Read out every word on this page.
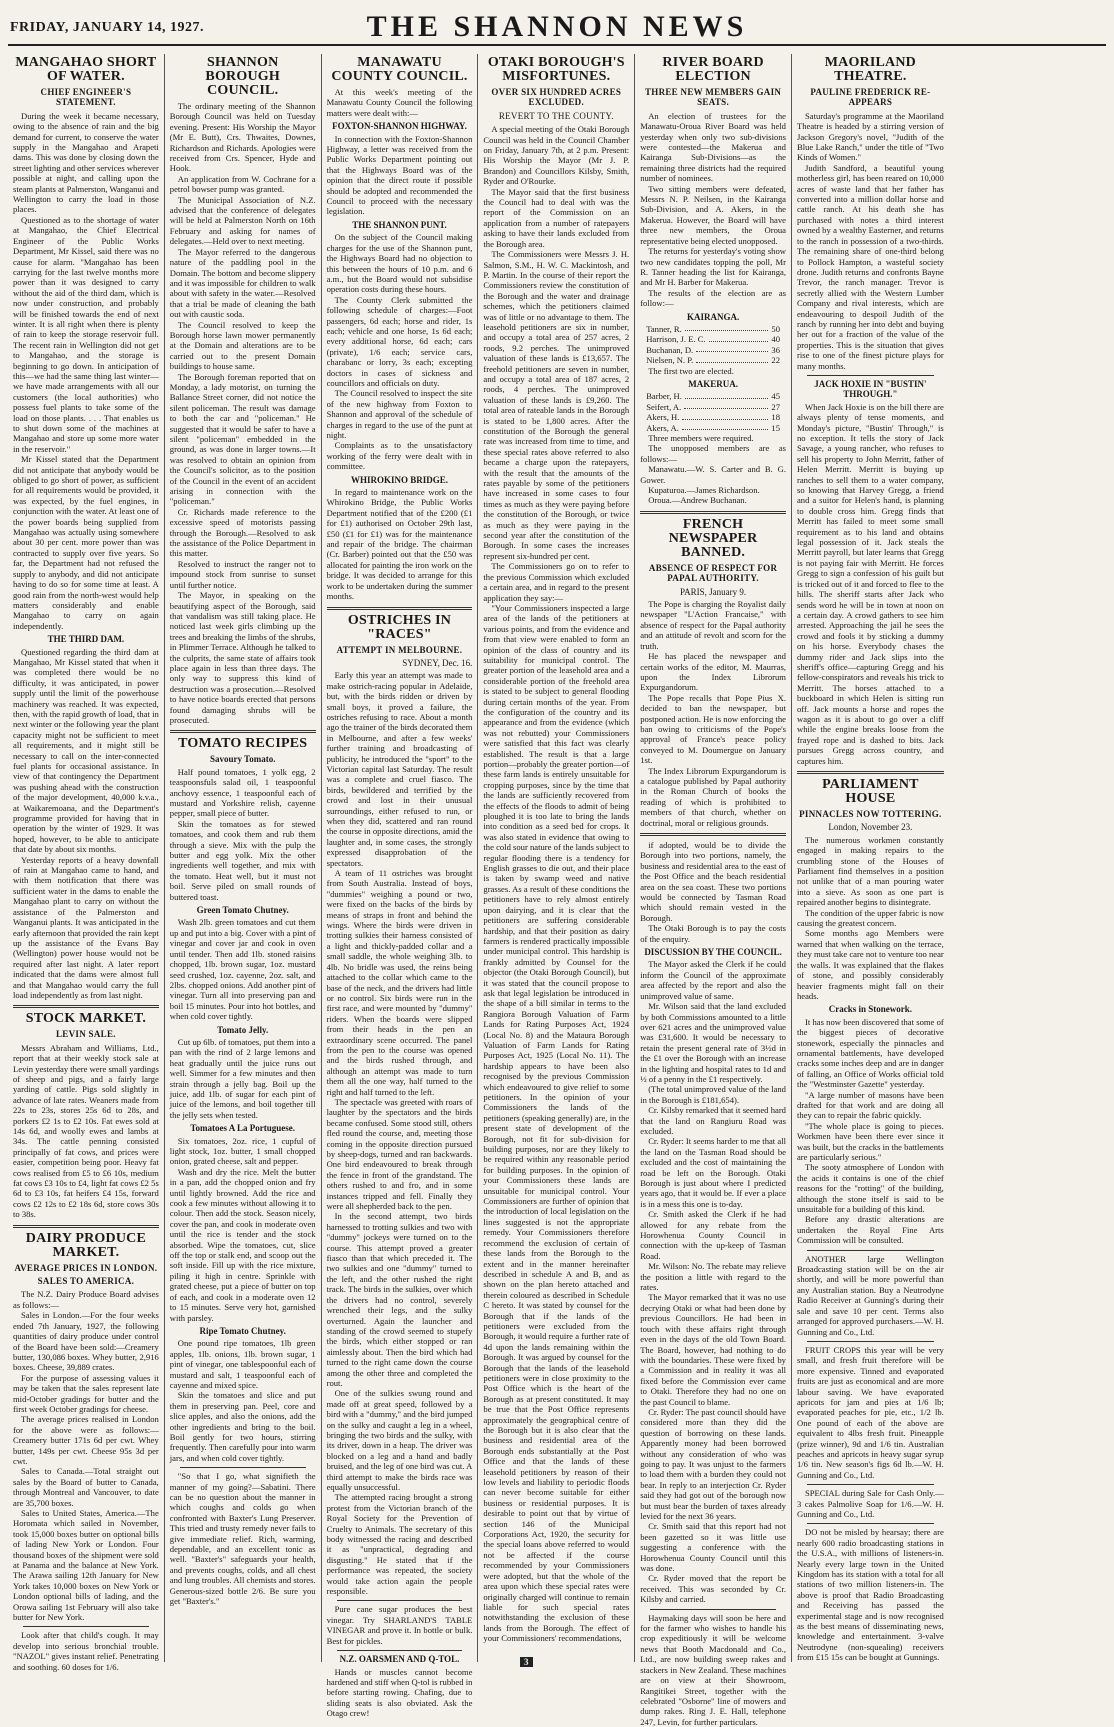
FRIDAY, JANUARY 14, 1927.	THE SHANNON NEWS
MANGAHAO SHORT OF WATER.
CHIEF ENGINEER'S STATEMENT.

During the week it became necessary, owing to the absence of rain and the big demand for current, to conserve the water supply in the Mangahao and Arapeti dams. This was done by closing down the street lighting and other services wherever possible at night, and calling upon the steam plants at Palmerston, Wanganui and Wellington to carry the load in those places.

Questioned as to the shortage of water at Mangahao, the Chief Electrical Engineer of the Public Works Department, Mr Kissel, said there was no cause for alarm. "Mangahao has been carrying for the last twelve months more power than it was designed to carry without the aid of the third dam, which is now under construction, and probably will be finished towards the end of next winter. It is all right when there is plenty of rain to keep the storage reservoir full. The recent rain in Wellington did not get to Mangahao, and the storage is beginning to go down. In anticipation of this—we had the same thing last winter—we have made arrangements with all our customers (the local authorities) who possess fuel plants to take some of the load on those plants. . . . That enables us to shut down some of the machines at Mangahao and store up some more water in the reservoir."

Mr Kissel stated that the Department did not anticipate that anybody would be obliged to go short of power, as sufficient for all requirements would be provided, it was expected, by the fuel engines, in conjunction with the water. At least one of the power boards being supplied from Mangahao was actually using somewhere about 30 per cent. more power than was contracted to supply over five years. So far, the Department had not refused the supply to anybody, and did not anticipate having to do so for some time at least. A good rain from the north-west would help matters considerably and enable Mangahao to carry on again independently.

THE THIRD DAM.

Questioned regarding the third dam at Mangahao, Mr Kissel stated that when it was completed there would be no difficulty, it was anticipated, in power supply until the limit of the powerhouse machinery was reached. It was expected, then, with the rapid growth of load, that in next winter or the following year the plant capacity might not be sufficient to meet all requirements, and it might still be necessary to call on the inter-connected fuel plants for occasional assistance. In view of that contingency the Department was pushing ahead with the construction of the major development, 40,000 k.v.a., at Waikaremoana, and the Department's programme provided for having that in operation by the winter of 1929. It was hoped, however, to be able to anticipate that date by about six months.

Yesterday reports of a heavy downfall of rain at Mangahao came to hand, and with them notification that there was sufficient water in the dams to enable the Mangahao plant to carry on without the assistance of the Palmerston and Wanganui plants. It was anticipated in the early afternoon that provided the rain kept up the assistance of the Evans Bay (Wellington) power house would not be required after last night. A later report indicated that the dams were almost full and that Mangahao would carry the full load independently as from last night.

STOCK MARKET.
LEVIN SALE.

Messrs Abraham and Williams, Ltd., report that at their weekly stock sale at Levin yesterday there were small yardings of sheep and pigs, and a fairly large yarding of cattle. Pigs sold slightly in advance of late rates. Weaners made from 22s to 23s, stores 25s 6d to 28s, and porkers £2 1s to £2 10s. Fat ewes sold at 14s 6d, and woolly ewes and lambs at 34s. The cattle penning consisted principally of fat cows, and prices were easier, competition being poor. Heavy fat cows realised from £5 to £6 10s, medium fat cows £3 10s to £4, light fat cows £2 5s 6d to £3 10s, fat heifers £4 15s, forward cows £2 12s to £2 18s 6d, store cows 30s to 38s.

DAIRY PRODUCE MARKET.
AVERAGE PRICES IN LONDON.
SALES TO AMERICA.

The N.Z. Dairy Produce Board advises as follows:—

Sales in London.—For the four weeks ended 7th January, 1927, the following quantities of dairy produce under control of the Board have been sold:—Creamery butter, 130,086 boxes. Whey butter, 2,916 boxes. Cheese, 39,889 crates.

For the purpose of assessing values it may be taken that the sales represent late mid-October gradings for butter and the first week October gradings for cheese.

The average prices realised in London for the above were as follows:—Creamery butter 171s 6d per cwt. Whey butter, 149s per cwt. Cheese 95s 3d per cwt.

Sales to Canada.—Total straight out sales by the Board of butter to Canada, through Montreal and Vancouver, to date are 35,700 boxes.

Sales to United States, America.—The Horomata which sailed in November, took 15,000 boxes butter on optional bills of lading New York or London. Four thousand boxes of the shipment were sold at Panama and the balance at New York. The Arawa sailing 12th January for New York takes 10,000 boxes on New York or London optional bills of lading, and the Orowa sailing 1st February will also take butter for New York.

Look after that child's cough. It may develop into serious bronchial trouble. "NAZOL" gives instant relief. Penetrating and soothing. 60 doses for 1/6.

SHANNON BOROUGH COUNCIL.

The ordinary meeting of the Shannon Borough Council was held on Tuesday evening. Present: His Worship the Mayor (Mr E. Butt), Crs. Thwaites, Downes, Richardson and Richards. Apologies were received from Crs. Spencer, Hyde and Hook.

An application from W. Cochrane for a petrol bowser pump was granted.

The Municipal Association of N.Z. advised that the conference of delegates will be held at Palmerston North on 16th February and asking for names of delegates.—Held over to next meeting.

The Mayor referred to the dangerous nature of the paddling pool in the Domain. The bottom and become slippery and it was impossible for children to walk about with safety in the water.—Resolved that a trial be made of cleaning the bath out with caustic soda.

The Council resolved to keep the Borough horse lawn mower permanently at the Domain and alterations are to be carried out to the present Domain buildings to house same.

The Borough foreman reported that on Monday, a lady motorist, on turning the Ballance Street corner, did not notice the silent policeman. The result was damage to both the car and "policeman." He suggested that it would be safer to have a silent "policeman" embedded in the ground, as was done in larger towns.—It was resolved to obtain an opinion from the Council's solicitor, as to the position of the Council in the event of an accident arising in connection with the "policeman."

Cr. Richards made reference to the excessive speed of motorists passing through the Borough.—Resolved to ask the assistance of the Police Department in this matter.

Resolved to instruct the ranger not to impound stock from sunrise to sunset until further notice.

The Mayor, in speaking on the beautifying aspect of the Borough, said that vandalism was still taking place. He noticed last week girls climbing up the trees and breaking the limbs of the shrubs, in Plimmer Terrace. Although he talked to the culprits, the same state of affairs took place again in less than three days. The only way to suppress this kind of destruction was a prosecution.—Resolved to have notice boards erected that persons found damaging shrubs will be prosecuted.

TOMATO RECIPES
Savoury Tomato.

Half pound tomatoes, 1 yolk egg, 2 teaspoonsfuls salad oil, 1 teaspoonful anchovy essence, 1 teaspoonful each of mustard and Yorkshire relish, cayenne pepper, small piece of butter.

Skin the tomatoes as for stewed tomatoes, and cook them and rub them through a sieve. Mix with the pulp the butter and egg yolk. Mix the other ingredients well together, and mix with the tomato. Heat well, but it must not boil. Serve piled on small rounds of buttered toast.

Green Tomato Chutney.

Wash 2lb. green tomatoes and cut them up and put into a big. Cover with a pint of vinegar and cover jar and cook in oven until tender. Then add 1lb. stoned raisins chopped, 1lb. brown sugar, 1oz. mustard seed crushed, 1oz. cayenne, 2oz. salt, and 2lbs. chopped onions. Add another pint of vinegar. Turn all into preserving pan and boil 15 minutes. Pour into hot bottles, and when cold cover tightly.

Tomato Jelly.

Cut up 6lb. of tomatoes, put them into a pan with the rind of 2 large lemons and heat gradually until the juice runs out well. Simmer for a few minutes and then strain through a jelly bag. Boil up the juice, add 1lb. of sugar for each pint of juice of the lemons, and boil together till the jelly sets when tested.

Tomatoes A La Portuguese.

Six tomatoes, 2oz. rice, 1 cupful of light stock, 1oz. butter, 1 small chopped onion, grated cheese, salt and pepper.

Wash and dry the rice. Melt the butter in a pan, add the chopped onion and fry until lightly browned. Add the rice and cook a few minutes without allowing it to colour. Then add the stock. Season nicely, cover the pan, and cook in moderate oven until the rice is tender and the stock absorbed. Wipe the tomatoes, cut, slice off the top or stalk end, and scoop out the soft inside. Fill up with the rice mixture, piling it high in centre. Sprinkle with grated cheese, put a piece of butter on top of each, and cook in a moderate oven 12 to 15 minutes. Serve very hot, garnished with parsley.

Ripe Tomato Chutney.

One pound ripe tomatoes, 1lb green apples, 1lb. onions, 1lb. brown sugar, 1 pint of vinegar, one tablespoonful each of mustard and salt, 1 teaspoonful each of cayenne and mixed spice.

Skin the tomatoes and slice and put them in preserving pan. Peel, core and slice apples, and also the onions, add the other ingredients and bring to the boil. Boil gently for two hours, stirring frequently. Then carefully pour into warm jars, and when cold cover tightly.

"So that I go, what signifieth the manner of my going?—Sabatini. There can be no question about the manner in which coughs and colds go when confronted with Baxter's Lung Preserver. This tried and trusty remedy never fails to give immediate relief. Rich, warming, dependable, and an excellent tonic as well. "Baxter's" safeguards your health, and prevents coughs, colds, and all chest and lung troubles. All chemists and stores. Generous-sized bottle 2/6. Be sure you get "Baxter's."

MANAWATU COUNTY COUNCIL.

At this week's meeting of the Manawatu County Council the following matters were dealt with:—

FOXTON-SHANNON HIGHWAY.

In connection with the Foxton-Shannon Highway, a letter was received from the Public Works Department pointing out that the Highways Board was of the opinion that the direct route if possible should be adopted and recommended the Council to proceed with the necessary legislation.

THE SHANNON PUNT.

On the subject of the Council making charges for the use of the Shannon punt, the Highways Board had no objection to this between the hours of 10 p.m. and 6 a.m., but the Board would not subsidise operation costs during these hours.

The County Clerk submitted the following schedule of charges:—Foot passengers, 6d each; horse and rider, 1s each; vehicle and one horse, 1s 6d each; every additional horse, 6d each; cars (private), 1/6 each; service cars, charabanc or lorry, 3s each; excepting doctors in cases of sickness and councillors and officials on duty.

The Council resolved to inspect the site of the new highway from Foxton to Shannon and approval of the schedule of charges in regard to the use of the punt at night.

Complaints as to the unsatisfactory working of the ferry were dealt with in committee.

WHIROKINO BRIDGE.

In regard to maintenance work on the Whirokino Bridge, the Public Works Department notified that of the £200 (£1 for £1) authorised on October 29th last, £50 (£1 for £1) was for the maintenance and repair of the bridge. The chairman (Cr. Barber) pointed out that the £50 was allocated for painting the iron work on the bridge. It was decided to arrange for this work to be undertaken during the summer months.

OSTRICHES IN "RACES"
ATTEMPT IN MELBOURNE.

SYDNEY, Dec. 16.

Early this year an attempt was made to make ostrich-racing popular in Adelaide, but, with the birds ridden or driven by small boys, it proved a failure, the ostriches refusing to race. About a month ago the trainer of the birds decorated them in Melbourne, and after a few weeks' further training and broadcasting of publicity, he introduced the "sport" to the Victorian capital last Saturday. The result was a complete and cruel fiasco. The birds, bewildered and terrified by the crowd and lost in their unusual surroundings, either refused to run, or when they did, scattered and ran round the course in opposite directions, amid the laughter and, in some cases, the strongly expressed disapprobation of the spectators.

A team of 11 ostriches was brought from South Australia. Instead of boys, "dummies" weighing a pound or two, were fixed on the backs of the birds by means of straps in front and behind the wings. Where the birds were driven in trotting sulkies their harness consisted of a light and thickly-padded collar and a small saddle, the whole weighing 3lb. to 4lb. No bridle was used, the reins being attached to the collar which came to the base of the neck, and the drivers had little or no control. Six birds were run in the first race, and were mounted by "dummy" riders. When the boards were slipped from their heads in the pen an extraordinary scene occurred. The panel from the pen to the course was opened and the birds rushed through, and although an attempt was made to turn them all the one way, half turned to the right and half turned to the left.

The spectacle was greeted with roars of laughter by the spectators and the birds became confused. Some stood still, others fled round the course, and, meeting those coming in the opposite direction pursued by sheep-dogs, turned and ran backwards. One bird endeavoured to break through the fence in front of the grandstand. The others rushed to and fro, and in some instances tripped and fell. Finally they were all shepherded back to the pen.

In the second attempt, two birds harnessed to trotting sulkies and two with "dummy" jockeys were turned on to the course. This attempt proved a greater fiasco than that which preceded it. The two sulkies and one "dummy" turned to the left, and the other rushed the right track. The birds in the sulkies, over which the drivers had no control, severely wrenched their legs, and the sulky overturned. Again the launcher and standing of the crowd seemed to stupefy the birds, which either stopped or ran aimlessly about. Then the bird which had turned to the right came down the course among the other three and completed the rout.

One of the sulkies swung round and made off at great speed, followed by a bird with a "dummy," and the bird jumped on the sulky and caught a leg in a wheel, bringing the two birds and the sulky, with its driver, down in a heap. The driver was blocked on a leg and a hand and badly bruised, and the leg of one bird was cut. A third attempt to make the birds race was equally unsuccessful.

The attempted racing brought a strong protest from the Victorian branch of the Royal Society for the Prevention of Cruelty to Animals. The secretary of this body witnessed the racing and described it as "unpractical, degrading and disgusting." He stated that if the performance was repeated, the society would take action again the people responsible.

Pure cane sugar produces the best vinegar. Try SHARLAND'S TABLE VINEGAR and prove it. In bottle or bulk. Best for pickles.

N.Z. OARSMEN AND Q-TOL.

Hands or muscles cannot become hardened and stiff when Q-tol is rubbed in before starting rowing. Chafing, due to sliding seats is also obviated. Ask the Otago crew!

OTAKI BOROUGH'S MISFORTUNES.
OVER SIX HUNDRED ACRES EXCLUDED.
REVERT TO THE COUNTY.

A special meeting of the Otaki Borough Council was held in the Council Chamber on Friday, January 7th, at 2 p.m. Present: His Worship the Mayor (Mr J. P. Brandon) and Councillors Kilsby, Smith, Ryder and O'Rourke.

The Mayor said that the first business the Council had to deal with was the report of the Commission on an application from a number of ratepayers asking to have their lands excluded from the Borough area.

The Commissioners were Messrs J. H. Salmon, S.M., H. W. C. Mackintosh, and P. Martin. In the course of their report the Commissioners review the constitution of the Borough and the water and drainage schemes, which the petitioners claimed was of little or no advantage to them. The leasehold petitioners are six in number, and occupy a total area of 257 acres, 2 roods, 9.2 perches. The unimproved valuation of these lands is £13,657. The freehold petitioners are seven in number, and occupy a total area of 187 acres, 2 roods, 4 perches. The unimproved valuation of these lands is £9,260. The total area of rateable lands in the Borough is stated to be 1,800 acres. After the constitution of the Borough the general rate was increased from time to time, and these special rates above referred to also became a charge upon the ratepayers, with the result that the amounts of the rates payable by some of the petitioners have increased in some cases to four times as much as they were paying before the constitution of the Borough, or twice as much as they were paying in the second year after the constitution of the Borough. In some cases the increases represent six-hundred per cent.

The Commissioners go on to refer to the previous Commission which excluded a certain area, and in regard to the present application they say:—

"Your Commissioners inspected a large area of the lands of the petitioners at various points, and from the evidence and from that view were enabled to form an opinion of the class of country and its suitability for municipal control. The greater portion of the leasehold area and a considerable portion of the freehold area is stated to be subject to general flooding during certain months of the year. From the configuration of the country and its appearance and from the evidence (which was not rebutted) your Commissioners were satisfied that this fact was clearly established. The result is that a large portion—probably the greater portion—of these farm lands is entirely unsuitable for cropping purposes, since by the time that the lands are sufficiently recovered from the effects of the floods to admit of being ploughed it is too late to bring the lands into condition as a seed bed for crops. It was also stated in evidence that owing to the cold sour nature of the lands subject to regular flooding there is a tendency for English grasses to die out, and their place is taken by swamp weed and native grasses. As a result of these conditions the petitioners have to rely almost entirely upon dairying, and it is clear that the petitioners are suffering considerable hardship, and that their position as dairy farmers is rendered practically impossible under municipal control. This hardship is frankly admitted by Counsel for the objector (the Otaki Borough Council), but it was stated that the council propose to ask that legal legislation be introduced in the shape of a bill similar in terms to the Rangiora Borough Valuation of Farm Lands for Rating Purposes Act, 1924 (Local No. 8) and the Mataura Borough Valuation of Farm Lands for Rating Purposes Act, 1925 (Local No. 11). The hardship appears to have been also recognised by the previous Commission which endeavoured to give relief to some petitioners. In the opinion of your Commissioners the lands of the petitioners (speaking generally) are, in the present state of development of the Borough, not fit for sub-division for building purposes, nor are they likely to be required within any reasonable period for building purposes. In the opinion of your Commissioners these lands are unsuitable for municipal control. Your Commissioners are further of opinion that the introduction of local legislation on the lines suggested is not the appropriate remedy. Your Commissioners therefore recommend the exclusion of certain of these lands from the Borough to the extent and in the manner hereinafter described in schedule A and B, and as shown on the plan hereto attached and therein coloured as described in Schedule C hereto. It was stated by counsel for the Borough that if the lands of the petitioners were excluded from the Borough, it would require a further rate of 4d upon the lands remaining within the Borough. It was argued by counsel for the Borough that the lands of the leasehold petitioners were in close proximity to the Post Office which is the heart of the Borough as at present constituted. It may be true that the Post Office represents approximately the geographical centre of the Borough but it is also clear that the business and residential area of the Borough ends substantially at the Post Office and that the lands of these leasehold petitioners by reason of their low levels and liability to periodic floods can never become suitable for either business or residential purposes. It is desirable to point out that by virtue of section 146 of the Municipal Corporations Act, 1920, the security for the special loans above referred to would not be affected if the course recommended by your Commissioners were adopted, but that the whole of the area upon which these special rates were originally charged will continue to remain liable for such special rates notwithstanding the exclusion of these lands from the Borough. The effect of your Commissioners' recommendations,

RIVER BOARD ELECTION
THREE NEW MEMBERS GAIN SEATS.

An election of trustees for the Manawatu-Oroua River Board was held yesterday when only two sub-divisions were contested—the Makerua and Kairanga Sub-Divisions—as the remaining three districts had the required number of nominees.

Two sitting members were defeated, Messrs N. P. Neilsen, in the Kairanga Sub-Division, and A. Akers, in the Makerua. However, the Board will have three new members, the Oroua representative being elected unopposed.

The returns for yesterday's voting show two new candidates topping the poll, Mr R. Tanner heading the list for Kairanga, and Mr H. Barber for Makerua.

The results of the election are as follow:—

KAIRANGA.
Tanner, R.	50
Harrison, J. E. C.	40
Buchanan, D.	36
Nielsen, N. P.	22

The first two are elected.

MAKERUA.
Barber, H.	45
Seifert, A.	27
Akers, H.	18
Akers, A.	15

Three members were required.

The unopposed members are as follows:—

Manawatu.—W. S. Carter and B. G. Gower.

Kupaturoa.—James Richardson.

Oroua.—Andrew Buchanan.

FRENCH NEWSPAPER BANNED.
ABSENCE OF RESPECT FOR PAPAL AUTHORITY.

PARIS, January 9.

The Pope is charging the Royalist daily newspaper "L'Action Francaise," with absence of respect for the Papal authority and an attitude of revolt and scorn for the truth.

He has placed the newspaper and certain works of the editor, M. Maurras, upon the Index Librorum Expurgandorum.

The Pope recalls that Pope Pius X. decided to ban the newspaper, but postponed action. He is now enforcing the ban owing to criticisms of the Pope's approval of France's peace policy conveyed to M. Doumergue on January 1st.

The Index Librorum Expurgandorum is a catalogue published by Papal authority in the Roman Church of books the reading of which is prohibited to members of that church, whether on doctrinal, moral or religious grounds.

if adopted, would be to divide the Borough into two portions, namely, the business and residential area to the east of the Post Office and the beach residential area on the sea coast. These two portions would be connected by Tasman Road which should remain vested in the Borough.

The Otaki Borough is to pay the costs of the enquiry.

DISCUSSION BY THE COUNCIL.

The Mayor asked the Clerk if he could inform the Council of the approximate area affected by the report and also the unimproved value of same.

Mr. Wilson said that the land excluded by both Commissions amounted to a little over 621 acres and the unimproved value was £31,600. It would be necessary to retain the present general rate of 3½d in the £1 over the Borough with an increase in the lighting and hospital rates to 1d and ½ of a penny in the £1 respectively.

(The total unimproved value of the land in the Borough is £181,654).

Cr. Kilsby remarked that it seemed hard that the land on Rangiuru Road was excluded.

Cr. Ryder: It seems harder to me that all the land on the Tasman Road should be excluded and the cost of maintaining the road be left on the Borough. Otaki Borough is just about where I predicted years ago, that it would be. If ever a place is in a mess this one is to-day.

Cr. Smith asked the Clerk if he had allowed for any rebate from the Horowhenua County Council in connection with the up-keep of Tasman Road.

Mr. Wilson: No. The rebate may relieve the position a little with regard to the rates.

The Mayor remarked that it was no use decrying Otaki or what had been done by previous Councillors. He had been in touch with these affairs right through even in the days of the old Town Board. The Board, however, had nothing to do with the boundaries. These were fixed by a Commission and in reality it was all fixed before the Commission ever came to Otaki. Therefore they had no one on the past Council to blame.

Cr. Ryder: The past council should have considered more than they did the question of borrowing on these lands. Apparently money had been borrowed without any consideration of who was going to pay. It was unjust to the farmers to load them with a burden they could not bear. In reply to an interjection Cr. Ryder said they had got out of the borough now but must bear the burden of taxes already levied for the next 36 years.

Cr. Smith said that this report had not been gazetted so it was little use suggesting a conference with the Horowhenua County Council until this was done.

Cr. Ryder moved that the report be received. This was seconded by Cr. Kilsby and carried.

Haymaking days will soon be here and for the farmer who wishes to handle his crop expeditiously it will be welcome news that Booth Macdonald and Co., Ltd., are now building sweep rakes and stackers in New Zealand. These machines are on view at their Showroom, Rangitikei Street, together with the celebrated "Osborne" line of mowers and dump rakes. Ring J. E. Hall, telephone 247, Levin, for further particulars.

MAORILAND THEATRE.
PAULINE FREDERICK RE-APPEARS

Saturday's programme at the Maoriland Theatre is headed by a stirring version of Jackson Gregory's novel, "Judith of the Blue Lake Ranch," under the title of "Two Kinds of Women."

Judith Sandford, a beautiful young motherless girl, has been reared on 10,000 acres of waste land that her father has converted into a million dollar horse and cattle ranch. At his death she has purchased with notes a third interest owned by a wealthy Easterner, and returns to the ranch in possession of a two-thirds. The remaining share of one-third belong to Pollock Hampton, a wasteful society drone. Judith returns and confronts Bayne Trevor, the ranch manager. Trevor is secretly allied with the Western Lumber Company and rival interests, which are endeavouring to despoil Judith of the ranch by running her into debt and buying her out for a fraction of the value of the properties. This is the situation that gives rise to one of the finest picture plays for many months.

JACK HOXIE IN "BUSTIN' THROUGH."

When Jack Hoxie is on the bill there are always plenty of tense moments, and Monday's picture, "Bustin' Through," is no exception. It tells the story of Jack Savage, a young rancher, who refuses to sell his property to John Merritt, father of Helen Merritt. Merritt is buying up ranches to sell them to a water company, so knowing that Harvey Gregg, a friend and a suitor for Helen's hand, is planning to double cross him. Gregg finds that Merritt has failed to meet some small requirement as to his land and obtains legal possession of it. Jack steals the Merritt payroll, but later learns that Gregg is not paying fair with Merritt. He forces Gregg to sign a confession of his guilt but is tricked out of it and forced to flee to the hills. The sheriff starts after Jack who sends word he will be in town at noon on a certain day. A crowd gathers to see him arrested. Approaching the jail he sees the crowd and fools it by sticking a dummy on his horse. Everybody chases the dummy rider and Jack slips into the sheriff's office—capturing Gregg and his fellow-conspirators and reveals his trick to Merritt. The horses attached to a buckboard in which Helen is sitting run off. Jack mounts a horse and ropes the wagon as it is about to go over a cliff while the engine breaks loose from the frayed rope and is dashed to bits. Jack pursues Gregg across country, and captures him.

PARLIAMENT HOUSE
PINNACLES NOW TOTTERING.

London, November 23.

The numerous workmen constantly engaged in making repairs to the crumbling stone of the Houses of Parliament find themselves in a position not unlike that of a man pouring water into a sieve. As soon as one part is repaired another begins to disintegrate.

The condition of the upper fabric is now causing the greatest concern.

Some months ago Members were warned that when walking on the terrace, they must take care not to venture too near the walls. It was explained that the flakes of stone, and possibly considerably heavier fragments might fall on their heads.

Cracks in Stonework.

It has now been discovered that some of the biggest pieces of decorative stonework, especially the pinnacles and ornamental battlements, have developed cracks some inches deep and are in danger of falling, an Office of Works official told the "Westminster Gazette" yesterday.

"A large number of masons have been drafted for that work and are doing all they can to repair the fabric quickly.

"The whole place is going to pieces. Workmen have been there ever since it was built, but the cracks in the battlements are particularly serious."

The sooty atmosphere of London with the acids it contains is one of the chief reasons for the "rotting" of the building, although the stone itself is said to be unsuitable for a building of this kind.

Before any drastic alterations are undertaken the Royal Fine Arts Commission will be consulted.

ANOTHER large Wellington Broadcasting station will be on the air shortly, and will be more powerful than any Australian station. Buy a Neutrodyne Radio Receiver at Gunning's during their sale and save 10 per cent. Terms also arranged for approved purchasers.—W. H. Gunning and Co., Ltd.

FRUIT CROPS this year will be very small, and fresh fruit therefore will be more expensive. Tinned and evaporated fruits are just as economical and are more labour saving. We have evaporated apricots for jam and pies at 1/6 lb; evaporated peaches for pie, etc., 1/2 lb. One pound of each of the above are equivalent to 4lbs fresh fruit. Pineapple (prize winner), 9d and 1/6 tin. Australian peaches and apricots in heavy sugar syrup 1/6 tin. New season's figs 6d lb.—W. H. Gunning and Co., Ltd.

SPECIAL during Sale for Cash Only.—3 cakes Palmolive Soap for 1/6.—W. H. Gunning and Co., Ltd.

DO not be misled by hearsay; there are nearly 600 radio broadcasting stations in the U.S.A., with millions of listeners-in. Nearly every large town in the United Kingdom has its station with a total for all stations of two million listeners-in. The above is proof that Radio Broadcasting and Receiving has passed the experimental stage and is now recognised as the best means of disseminating news, knowledge and entertainment. 3-valve Neutrodyne (non-squealing) receivers from £15 15s can be bought at Gunnings.

3
